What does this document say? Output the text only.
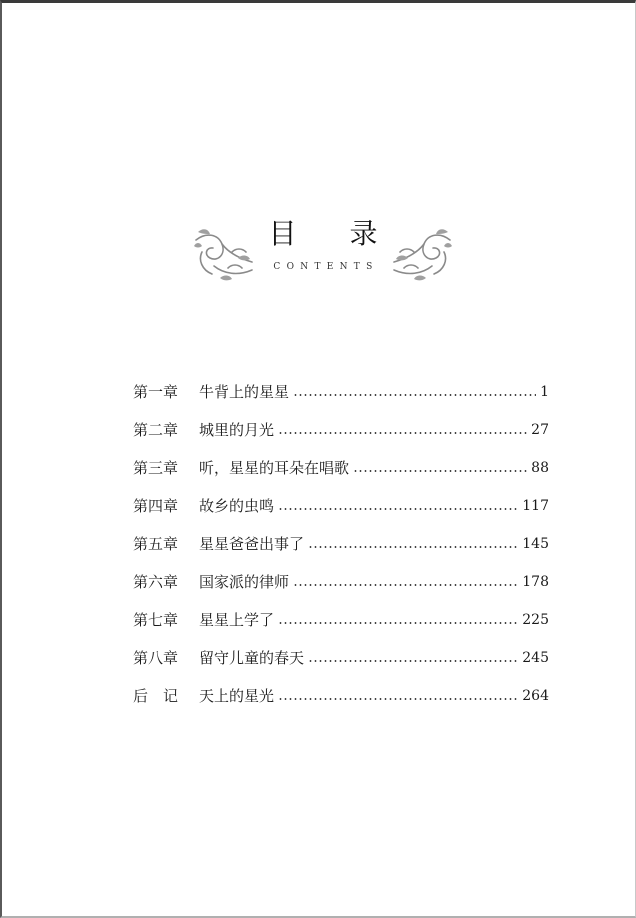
目 录
CONTENTS
第一章	牛背上的星星	1
第二章	城里的月光	27
第三章	听，星星的耳朵在唱歌	88
第四章	故乡的虫鸣	117
第五章	星星爸爸出事了	145
第六章	国家派的律师	178
第七章	星星上学了	225
第八章	留守儿童的春天	245
后　记	天上的星光	264
